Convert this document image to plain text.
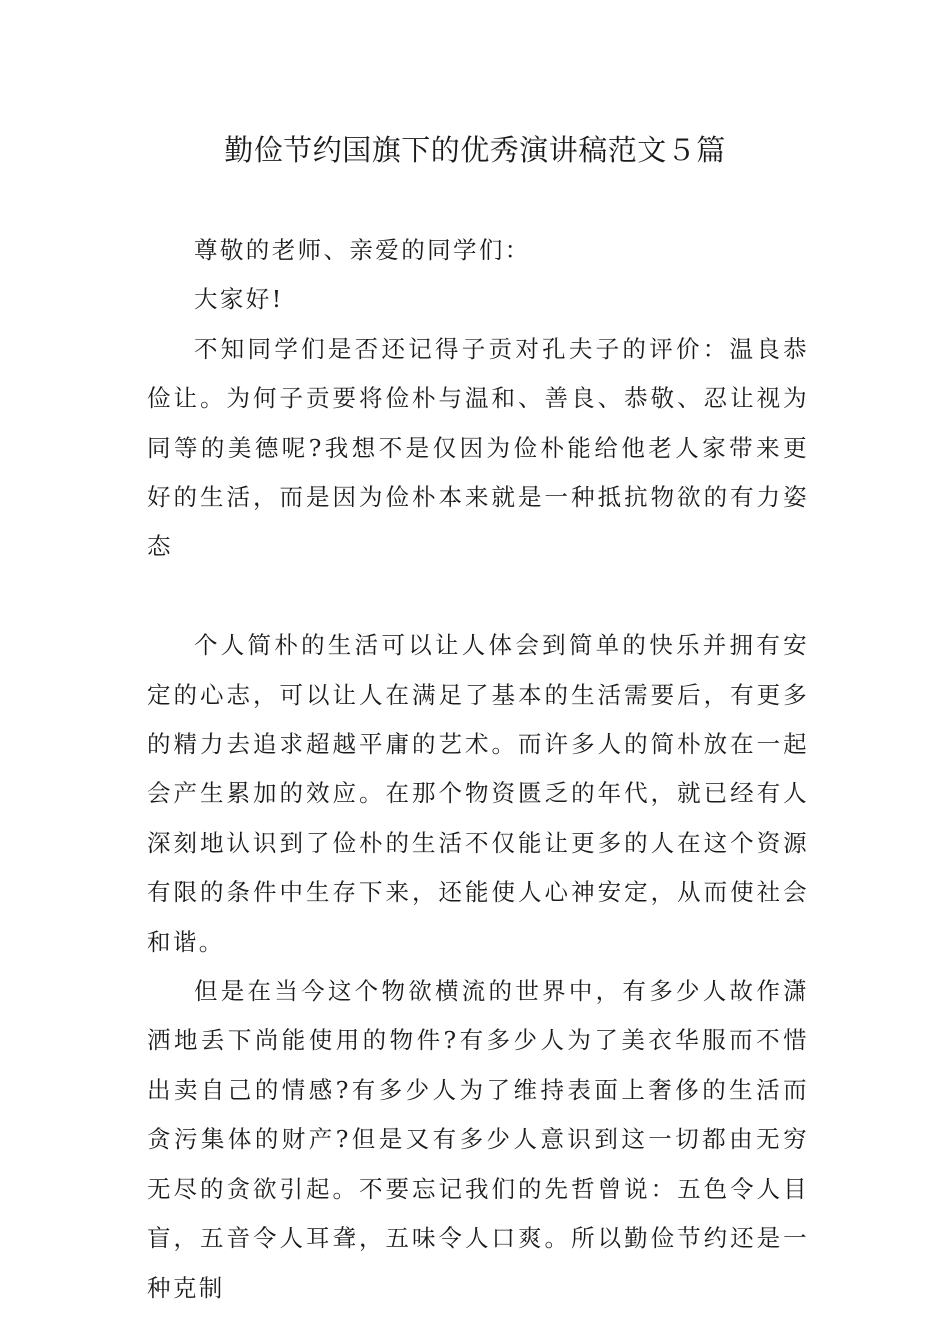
勤俭节约国旗下的优秀演讲稿范文５篇

尊敬的老师、亲爱的同学们：

大家好!

不知同学们是否还记得子贡对孔夫子的评价：温良恭俭让。为何子贡要将俭朴与温和、善良、恭敬、忍让视为同等的美德呢?我想不是仅因为俭朴能给他老人家带来更好的生活，而是因为俭朴本来就是一种抵抗物欲的有力姿态

个人简朴的生活可以让人体会到简单的快乐并拥有安定的心志，可以让人在满足了基本的生活需要后，有更多的精力去追求超越平庸的艺术。而许多人的简朴放在一起会产生累加的效应。在那个物资匮乏的年代，就已经有人深刻地认识到了俭朴的生活不仅能让更多的人在这个资源有限的条件中生存下来，还能使人心神安定，从而使社会和谐。

但是在当今这个物欲横流的世界中，有多少人故作潇洒地丢下尚能使用的物件?有多少人为了美衣华服而不惜出卖自己的情感?有多少人为了维持表面上奢侈的生活而贪污集体的财产?但是又有多少人意识到这一切都由无穷无尽的贪欲引起。不要忘记我们的先哲曾说：五色令人目盲，五音令人耳聋，五味令人口爽。所以勤俭节约还是一种克制
